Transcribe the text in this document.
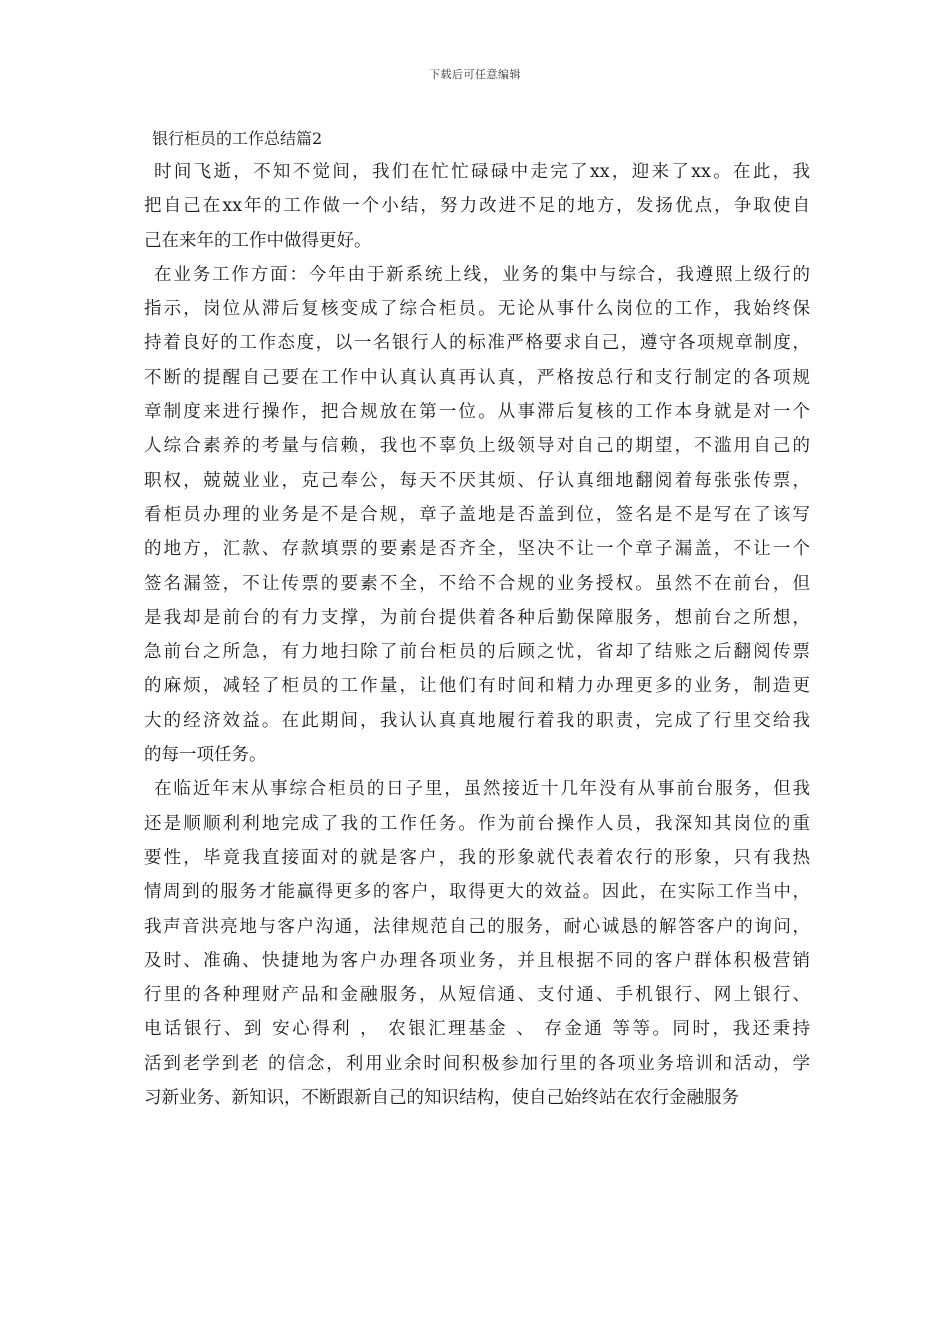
下载后可任意编辑
银行柜员的工作总结篇2
时间飞逝，不知不觉间，我们在忙忙碌碌中走完了xx，迎来了xx。在此，我
把自己在xx年的工作做一个小结，努力改进不足的地方，发扬优点，争取使自
己在来年的工作中做得更好。
在业务工作方面：今年由于新系统上线，业务的集中与综合，我遵照上级行的
指示，岗位从滞后复核变成了综合柜员。无论从事什么岗位的工作，我始终保
持着良好的工作态度，以一名银行人的标准严格要求自己，遵守各项规章制度，
不断的提醒自己要在工作中认真认真再认真，严格按总行和支行制定的各项规
章制度来进行操作，把合规放在第一位。从事滞后复核的工作本身就是对一个
人综合素养的考量与信赖，我也不辜负上级领导对自己的期望，不滥用自己的
职权，兢兢业业，克己奉公，每天不厌其烦、仔认真细地翻阅着每张张传票，
看柜员办理的业务是不是合规，章子盖地是否盖到位，签名是不是写在了该写
的地方，汇款、存款填票的要素是否齐全，坚决不让一个章子漏盖，不让一个
签名漏签，不让传票的要素不全，不给不合规的业务授权。虽然不在前台，但
是我却是前台的有力支撑，为前台提供着各种后勤保障服务，想前台之所想，
急前台之所急，有力地扫除了前台柜员的后顾之忧，省却了结账之后翻阅传票
的麻烦，减轻了柜员的工作量，让他们有时间和精力办理更多的业务，制造更
大的经济效益。在此期间，我认认真真地履行着我的职责，完成了行里交给我
的每一项任务。
在临近年末从事综合柜员的日子里，虽然接近十几年没有从事前台服务，但我
还是顺顺利利地完成了我的工作任务。作为前台操作人员，我深知其岗位的重
要性，毕竟我直接面对的就是客户，我的形象就代表着农行的形象，只有我热
情周到的服务才能赢得更多的客户，取得更大的效益。因此，在实际工作当中，
我声音洪亮地与客户沟通，法律规范自己的服务，耐心诚恳的解答客户的询问，
及时、准确、快捷地为客户办理各项业务，并且根据不同的客户群体积极营销
行里的各种理财产品和金融服务，从短信通、支付通、手机银行、网上银行、
电话银行、到 安心得利 ， 农银汇理基金 、 存金通 等等。同时，我还秉持
活到老学到老 的信念，利用业余时间积极参加行里的各项业务培训和活动，学
习新业务、新知识，不断跟新自己的知识结构，使自己始终站在农行金融服务
